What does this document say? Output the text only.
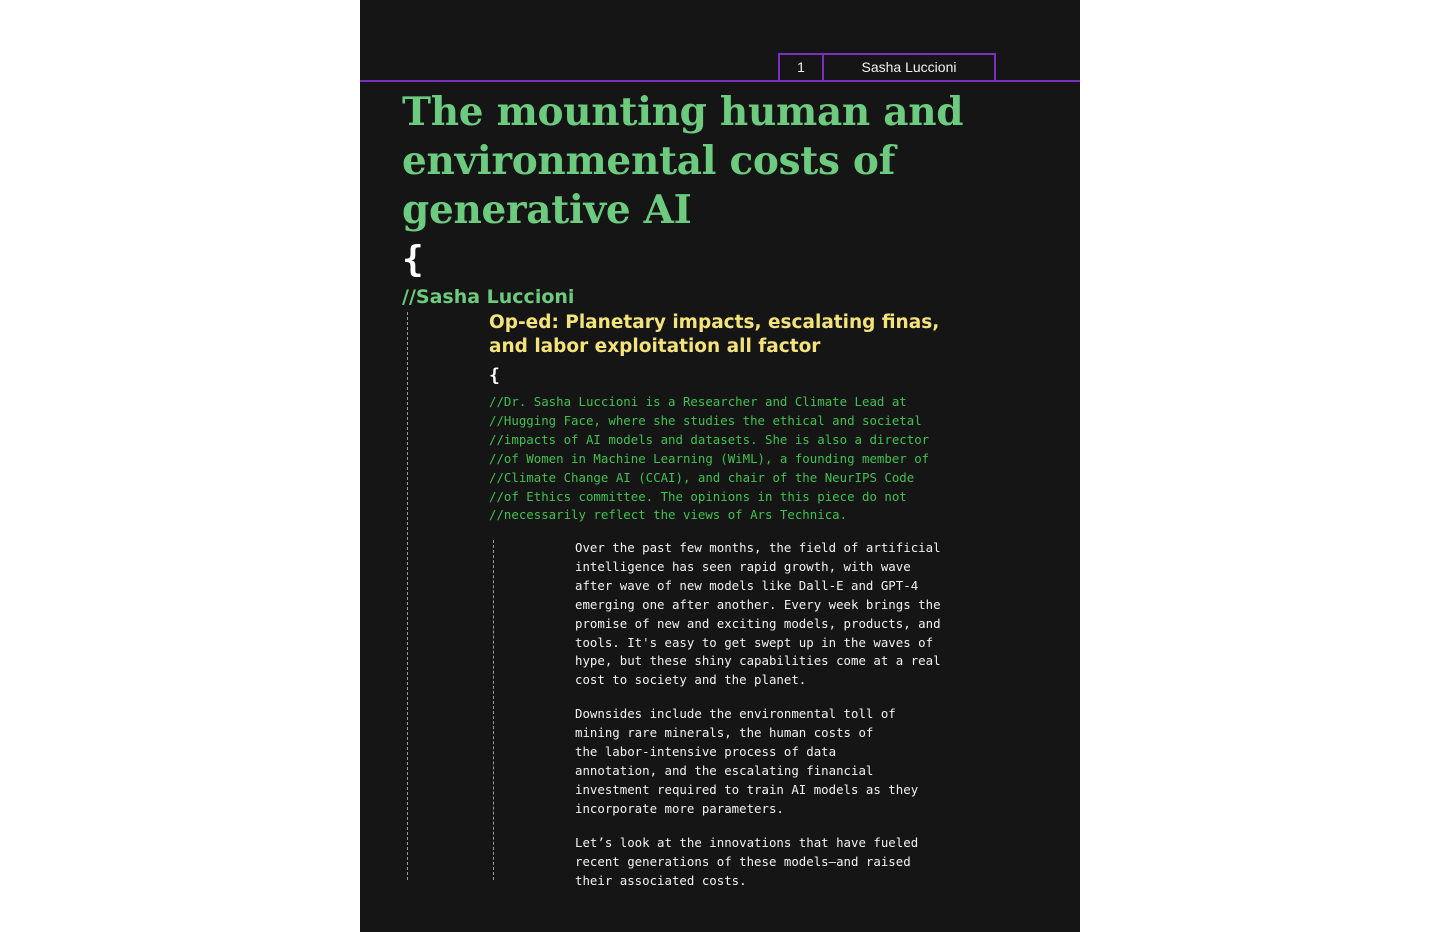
1	Sasha Luccioni
The mounting human and
environmental costs of
generative AI
{
//Sasha Luccioni
Op-ed: Planetary impacts, escalating finas,
and labor exploitation all factor
{
//Dr. Sasha Luccioni is a Researcher and Climate Lead at
//Hugging Face, where she studies the ethical and societal
//impacts of AI models and datasets. She is also a director
//of Women in Machine Learning (WiML), a founding member of
//Climate Change AI (CCAI), and chair of the NeurIPS Code
//of Ethics committee. The opinions in this piece do not
//necessarily reflect the views of Ars Technica.
Over the past few months, the field of artificial
intelligence has seen rapid growth, with wave
after wave of new models like Dall-E and GPT-4
emerging one after another. Every week brings the
promise of new and exciting models, products, and
tools. It's easy to get swept up in the waves of
hype, but these shiny capabilities come at a real
cost to society and the planet.
Downsides include the environmental toll of
mining rare minerals, the human costs of
the labor-intensive process of data
annotation, and the escalating financial
investment required to train AI models as they
incorporate more parameters.
Let’s look at the innovations that have fueled
recent generations of these models—and raised
their associated costs.
